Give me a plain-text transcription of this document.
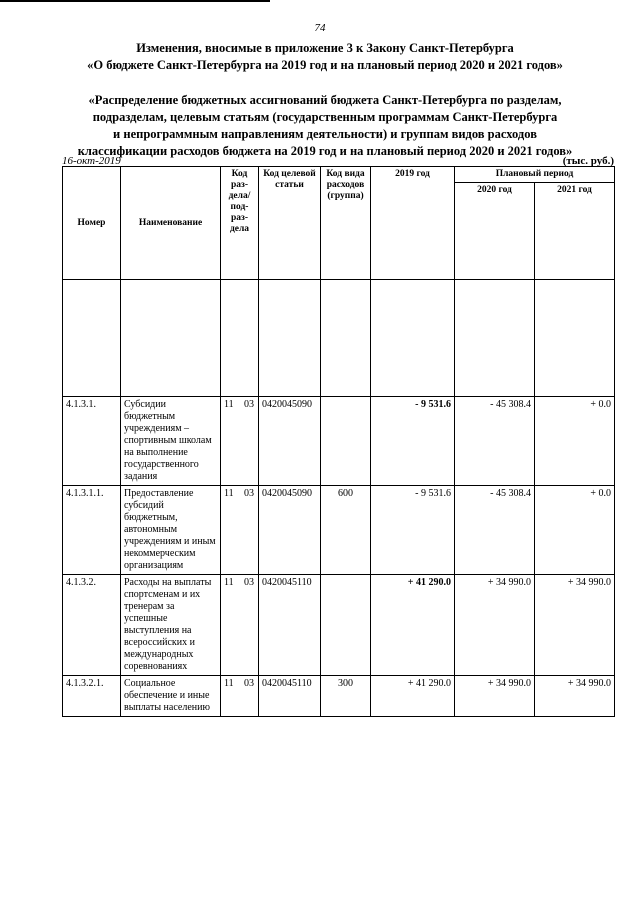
74
Изменения, вносимые в приложение 3 к Закону Санкт-Петербурга
«О бюджете Санкт-Петербурга на 2019 год и на плановый период 2020 и 2021 годов»
«Распределение бюджетных ассигнований бюджета Санкт-Петербурга по разделам,
подразделам, целевым статьям (государственным программам Санкт-Петербурга
и непрограммным направлениям деятельности) и группам видов расходов
классификации расходов бюджета на 2019 год и на плановый период 2020 и 2021 годов»
16-окт-2019	(тыс. руб.)
Номер	Наименование	Код раз- дела/ под- раз- дела	Код целевой статьи	Код вида расходов (группа)	2019 год	Плановый период	
						2020 год	2021 год

4.1.3.1.	Субсидии бюджетным учреждениям – спортивным школам на выполнение государственного задания	11 03	0420045090		- 9 531.6	- 45 308.4	+ 0.0
4.1.3.1.1.	Предоставление субсидий бюджетным, автономным учреждениям и иным некоммерческим организациям	11 03	0420045090	600	- 9 531.6	- 45 308.4	+ 0.0
4.1.3.2.	Расходы на выплаты спортсменам и их тренерам за успешные выступления на всероссийских и международных соревнованиях	11 03	0420045110		+ 41 290.0	+ 34 990.0	+ 34 990.0
4.1.3.2.1.	Социальное обеспечение и иные выплаты населению	11 03	0420045110	300	+ 41 290.0	+ 34 990.0	+ 34 990.0
